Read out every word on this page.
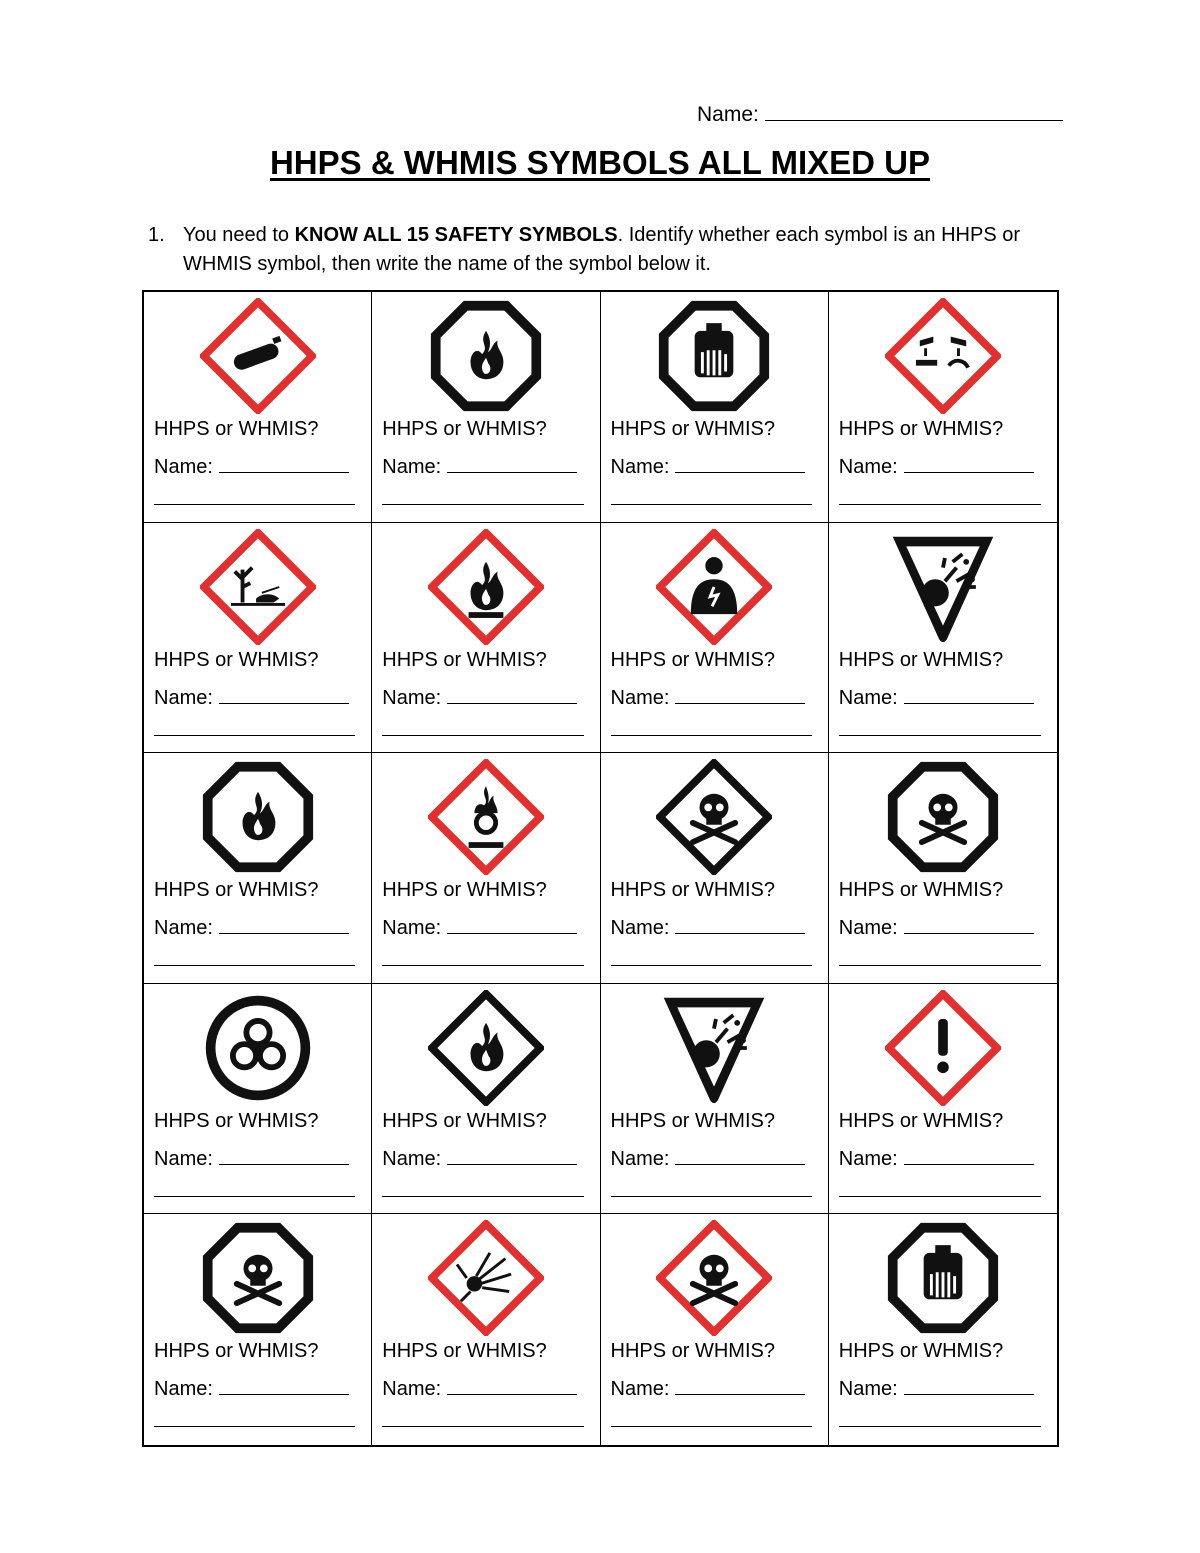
Name:
HHPS & WHMIS SYMBOLS ALL MIXED UP
1. You need to KNOW ALL 15 SAFETY SYMBOLS. Identify whether each symbol is an HHPS or WHMIS symbol, then write the name of the symbol below it.
HHPS or WHMIS?
Name:
HHPS or WHMIS?
Name:
HHPS or WHMIS?
Name:
HHPS or WHMIS?
Name:
HHPS or WHMIS?
Name:
HHPS or WHMIS?
Name:
HHPS or WHMIS?
Name:
HHPS or WHMIS?
Name:
HHPS or WHMIS?
Name:
HHPS or WHMIS?
Name:
HHPS or WHMIS?
Name:
HHPS or WHMIS?
Name:
HHPS or WHMIS?
Name:
HHPS or WHMIS?
Name:
HHPS or WHMIS?
Name:
HHPS or WHMIS?
Name:
HHPS or WHMIS?
Name:
HHPS or WHMIS?
Name:
HHPS or WHMIS?
Name:
HHPS or WHMIS?
Name:
